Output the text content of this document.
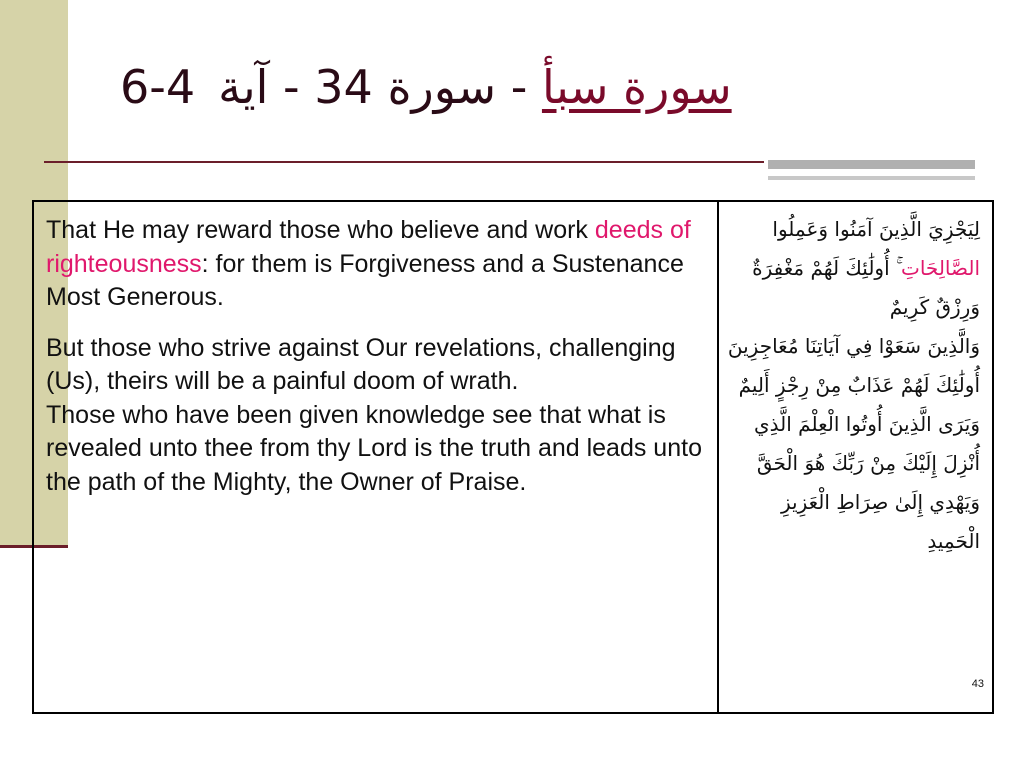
سورة سبأ - سورة 34 - آية 4-6

That He may reward those who believe and work deeds of righteousness: for them is Forgiveness and a Sustenance Most Generous.

But those who strive against Our revelations, challenging (Us), theirs will be a painful doom of wrath.

Those who have been given knowledge see that what is revealed unto thee from thy Lord is the truth and leads unto the path of the Mighty, the Owner of Praise.

لِيَجْزِيَ الَّذِينَ آمَنُوا وَعَمِلُوا الصَّالِحَاتِ ۚ أُولَٰئِكَ لَهُمْ مَغْفِرَةٌ وَرِزْقٌ كَرِيمٌ

وَالَّذِينَ سَعَوْا فِي آيَاتِنَا مُعَاجِزِينَ أُولَٰئِكَ لَهُمْ عَذَابٌ مِنْ رِجْزٍ أَلِيمٌ

وَيَرَى الَّذِينَ أُوتُوا الْعِلْمَ الَّذِي أُنْزِلَ إِلَيْكَ مِنْ رَبِّكَ هُوَ الْحَقَّ وَيَهْدِي إِلَىٰ صِرَاطِ الْعَزِيزِ الْحَمِيدِ

43
